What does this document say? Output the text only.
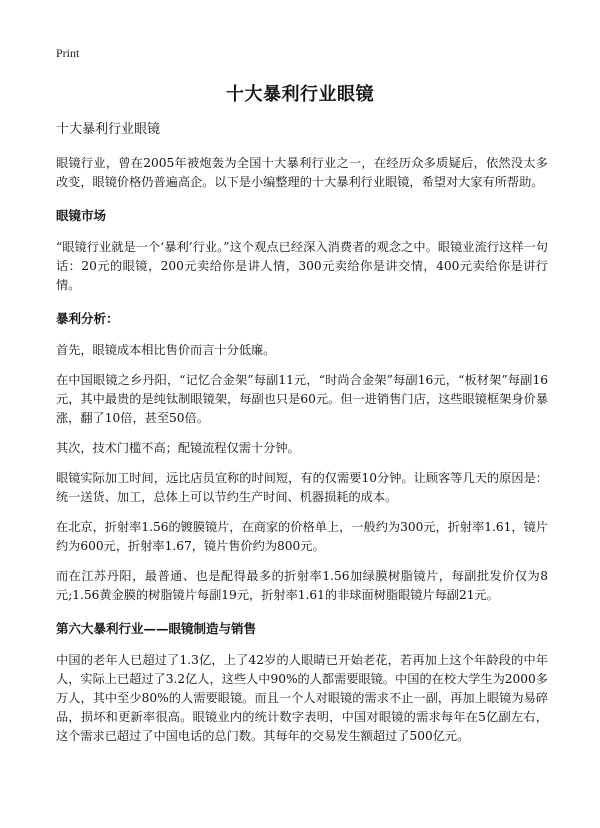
Print
十大暴利行业眼镜
十大暴利行业眼镜

眼镜行业，曾在2005年被炮轰为全国十大暴利行业之一，在经历众多质疑后，依然没太多改变，眼镜价格仍普遍高企。以下是小编整理的十大暴利行业眼镜，希望对大家有所帮助。

眼镜市场

“眼镜行业就是一个‘暴利’行业。”这个观点已经深入消费者的观念之中。眼镜业流行这样一句话：20元的眼镜，200元卖给你是讲人情，300元卖给你是讲交情，400元卖给你是讲行情。

暴利分析：

首先，眼镜成本相比售价而言十分低廉。

在中国眼镜之乡丹阳，“记忆合金架”每副11元，“时尚合金架”每副16元，“板材架”每副16元，其中最贵的是纯钛制眼镜架，每副也只是60元。但一进销售门店，这些眼镜框架身价暴涨，翻了10倍，甚至50倍。

其次，技术门槛不高；配镜流程仅需十分钟。

眼镜实际加工时间，远比店员宣称的时间短，有的仅需要10分钟。让顾客等几天的原因是：统一送货、加工，总体上可以节约生产时间、机器损耗的成本。

在北京，折射率1.56的镀膜镜片，在商家的价格单上，一般约为300元，折射率1.61，镜片约为600元，折射率1.67，镜片售价约为800元。

而在江苏丹阳，最普通、也是配得最多的折射率1.56加绿膜树脂镜片，每副批发价仅为8元;1.56黄金膜的树脂镜片每副19元，折射率1.61的非球面树脂眼镜片每副21元。

第六大暴利行业——眼镜制造与销售

中国的老年人已超过了1.3亿，上了42岁的人眼睛已开始老花，若再加上这个年龄段的中年人，实际上已超过了3.2亿人，这些人中90%的人都需要眼镜。中国的在校大学生为2000多万人，其中至少80%的人需要眼镜。而且一个人对眼镜的需求不止一副，再加上眼镜为易碎品，损坏和更新率很高。眼镜业内的统计数字表明，中国对眼镜的需求每年在5亿副左右，这个需求已超过了中国电话的总门数。其每年的交易发生额超过了500亿元。
